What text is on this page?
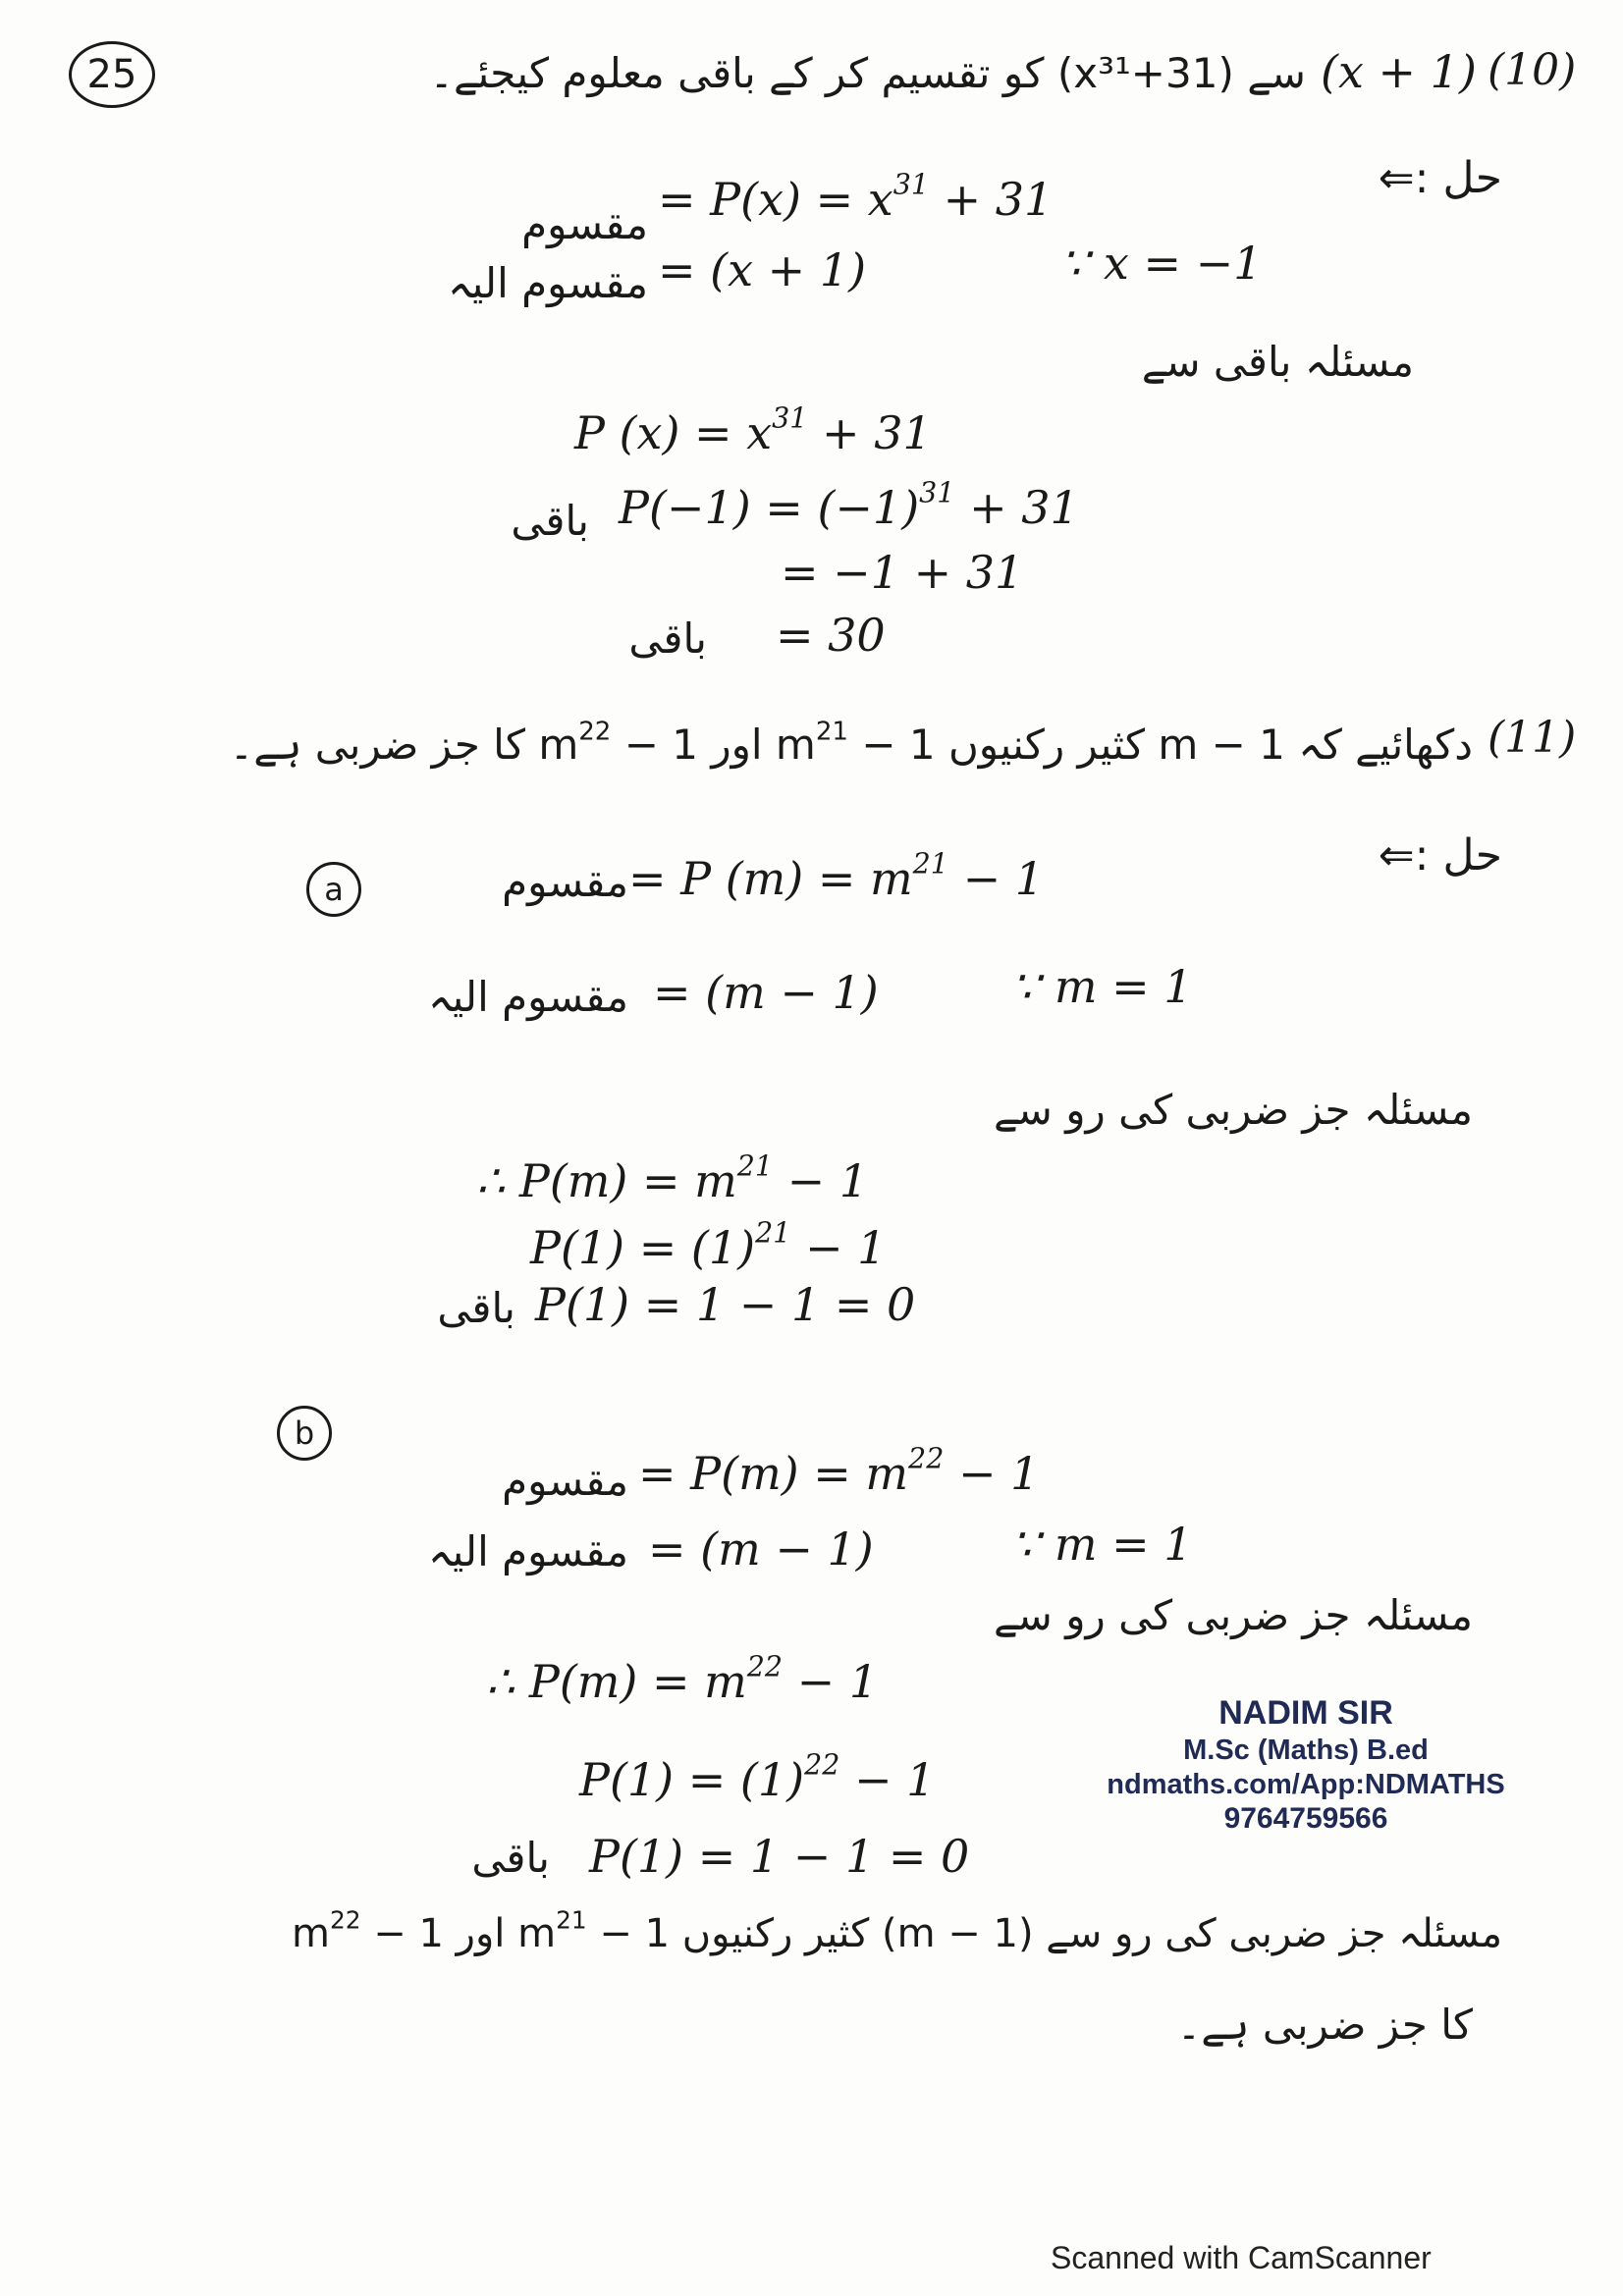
25	(10)
(x + 1)
سے (x³¹+31) کو تقسیم کر کے باقی معلوم کیجئے۔
حل :⇐
مقسوم = $P(x) = x^{31} + 31$
مقسوم الیہ = (x + 1)	∵ x = −1
مسئلہ باقی سے
P $(x) = x^{31} + 31$
باقی $P(-1) = (-1)^{31} + 31$
= −1 + 31
باقی = 30
(11)
دکھائیے کہ m − 1 کثیر رکنیوں $m^{21} - 1$ اور $m^{22} - 1$ کا جز ضربی ہے۔
حل :⇐
a	مقسوم = P $(m) = m^{21} - 1$
مقسوم الیہ = (m − 1)	∵ m = 1
مسئلہ جز ضربی کی رو سے
∴ $P(m) = m^{21} - 1$
$P(1) = (1)^{21} - 1$
باقی P(1) = 1 − 1 = 0
b
مقسوم = $P(m) = m^{22} - 1$
مقسوم الیہ = (m − 1)	∵ m = 1
مسئلہ جز ضربی کی رو سے
∴ $P(m) = m^{22} - 1$
$P(1) = (1)^{22} - 1$
باقی P(1) = 1 − 1 = 0
مسئلہ جز ضربی کی رو سے (m − 1) کثیر رکنیوں $m^{21} - 1$ اور $m^{22} - 1$
کا جز ضربی ہے۔
NADIM SIR
M.Sc (Maths) B.ed
ndmaths.com/App:NDMATHS
9764759566
Scanned with CamScanner
